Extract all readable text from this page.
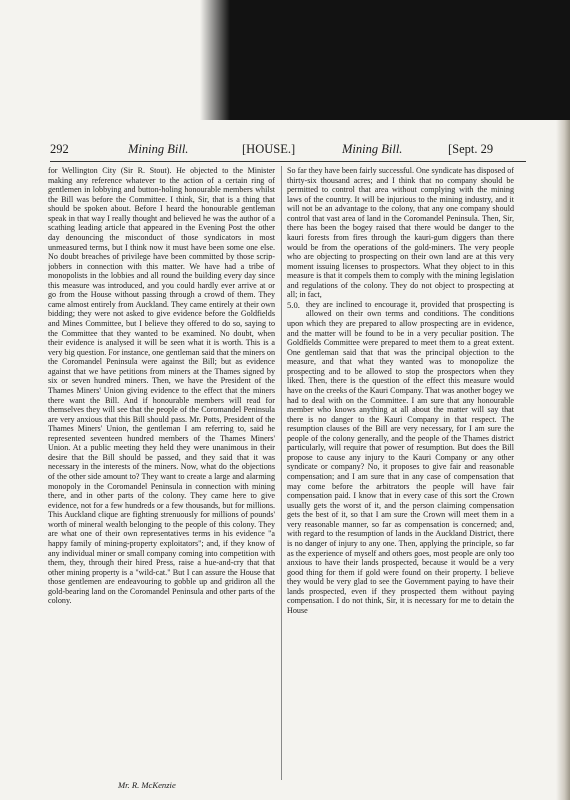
292	Mining Bill.	[HOUSE.]	Mining Bill.	[Sept. 29

for Wellington City (Sir R. Stout). He objected to the Minister making any reference whatever to the action of a certain ring of gentlemen in lobbying and button-holing honourable members whilst the Bill was before the Committee. I think, Sir, that is a thing that should be spoken about. Before I heard the honourable gentleman speak in that way I really thought and believed he was the author of a scathing leading article that appeared in the Evening Post the other day denouncing the misconduct of those syndicators in most unmeasured terms, but I think now it must have been some one else. No doubt breaches of privilege have been committed by those scrip-jobbers in connection with this matter. We have had a tribe of monopolists in the lobbies and all round the building every day since this measure was introduced, and you could hardly ever arrive at or go from the House without passing through a crowd of them. They came almost entirely from Auckland. They came entirely at their own bidding; they were not asked to give evidence before the Goldfields and Mines Committee, but I believe they offered to do so, saying to the Committee that they wanted to be examined. No doubt, when their evidence is analysed it will be seen what it is worth. This is a very big question. For instance, one gentleman said that the miners on the Coromandel Peninsula were against the Bill; but as evidence against that we have petitions from miners at the Thames signed by six or seven hundred miners. Then, we have the President of the Thames Miners' Union giving evidence to the effect that the miners there want the Bill. And if honourable members will read for themselves they will see that the people of the Coromandel Peninsula are very anxious that this Bill should pass. Mr. Potts, President of the Thames Miners' Union, the gentleman I am referring to, said he represented seventeen hundred members of the Thames Miners' Union. At a public meeting they held they were unanimous in their desire that the Bill should be passed, and they said that it was necessary in the interests of the miners. Now, what do the objections of the other side amount to? They want to create a large and alarming monopoly in the Coromandel Peninsula in connection with mining there, and in other parts of the colony. They came here to give evidence, not for a few hundreds or a few thousands, but for millions. This Auckland clique are fighting strenuously for millions of pounds' worth of mineral wealth belonging to the people of this colony. They are what one of their own representatives terms in his evidence "a happy family of mining-property exploitators"; and, if they know of any individual miner or small company coming into competition with them, they, through their hired Press, raise a hue-and-cry that that other mining property is a "wild-cat." But I can assure the House that those gentlemen are endeavouring to gobble up and gridiron all the gold-bearing land on the Coromandel Peninsula and other parts of the colony.

So far they have been fairly successful. One syndicate has disposed of thirty-six thousand acres; and I think that no company should be permitted to control that area without complying with the mining laws of the country. It will be injurious to the mining industry, and it will not be an advantage to the colony, that any one company should control that vast area of land in the Coromandel Peninsula. Then, Sir, there has been the bogey raised that there would be danger to the kauri forests from fires through the kauri-gum diggers than there would be from the operations of the gold-miners. The very people who are objecting to prospecting on their own land are at this very moment issuing licenses to prospectors. What they object to in this measure is that it compels them to comply with the mining legislation and regulations of the colony. They do not object to prospecting at all; in fact,

5.0. they are inclined to encourage it, provided that prospecting is allowed on their own terms and conditions. The conditions upon which they are prepared to allow prospecting are in evidence, and the matter will be found to be in a very peculiar position. The Goldfields Committee were prepared to meet them to a great extent. One gentleman said that that was the principal objection to the measure, and that what they wanted was to monopolize the prospecting and to be allowed to stop the prospectors when they liked. Then, there is the question of the effect this measure would have on the creeks of the Kauri Company. That was another bogey we had to deal with on the Committee. I am sure that any honourable member who knows anything at all about the matter will say that there is no danger to the Kauri Company in that respect. The resumption clauses of the Bill are very necessary, for I am sure the people of the colony generally, and the people of the Thames district particularly, will require that power of resumption. But does the Bill propose to cause any injury to the Kauri Company or any other syndicate or company? No, it proposes to give fair and reasonable compensation; and I am sure that in any case of compensation that may come before the arbitrators the people will have fair compensation paid. I know that in every case of this sort the Crown usually gets the worst of it, and the person claiming compensation gets the best of it, so that I am sure the Crown will meet them in a very reasonable manner, so far as compensation is concerned; and, with regard to the resumption of lands in the Auckland District, there is no danger of injury to any one. Then, applying the principle, so far as the experience of myself and others goes, most people are only too anxious to have their lands prospected, because it would be a very good thing for them if gold were found on their property. I believe they would be very glad to see the Government paying to have their lands prospected, even if they prospected them without paying compensation. I do not think, Sir, it is necessary for me to detain the House

Mr. R. McKenzie
